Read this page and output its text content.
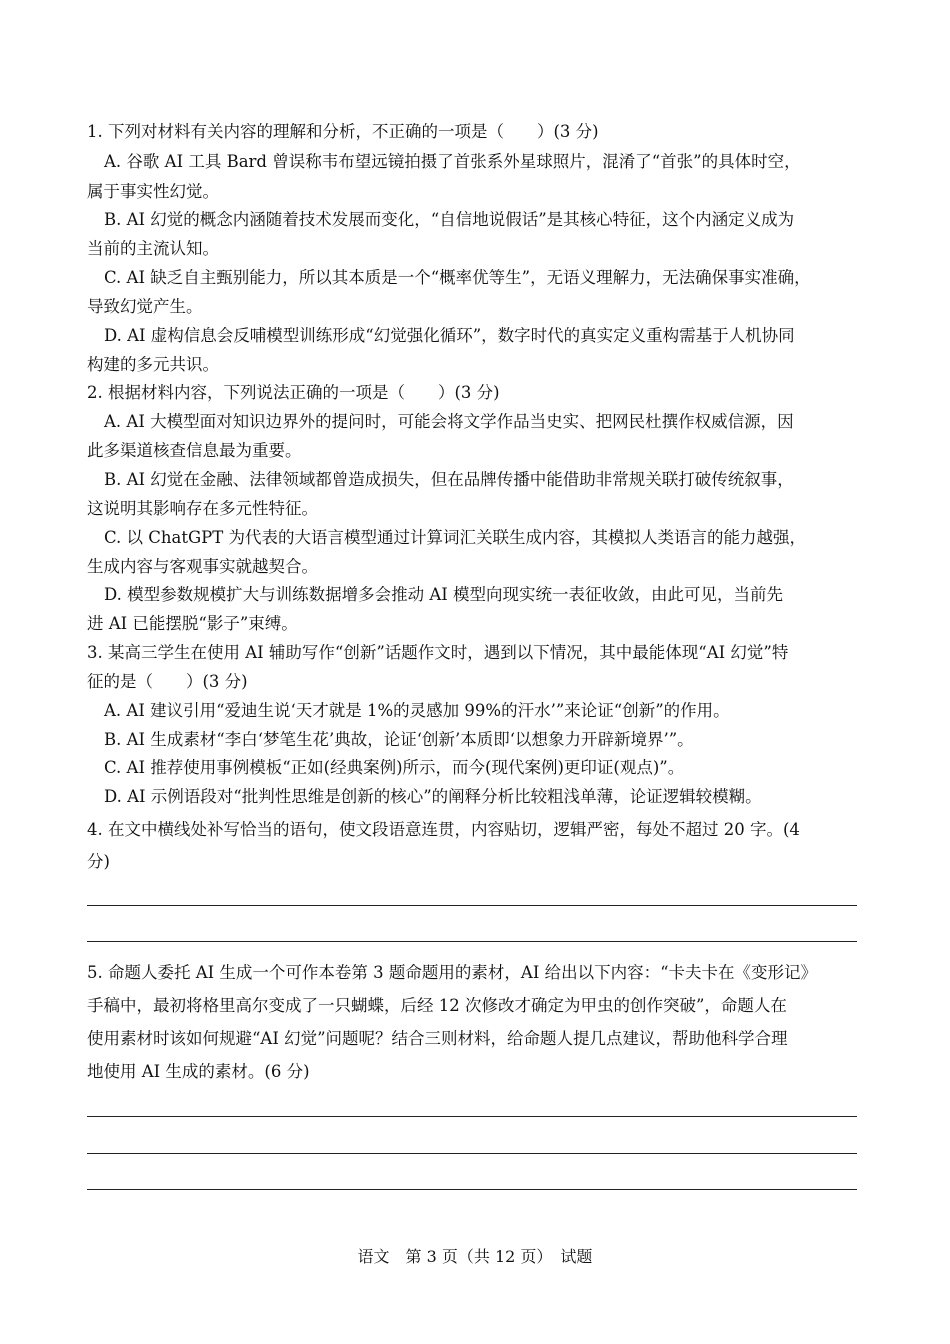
1. 下列对材料有关内容的理解和分析，不正确的一项是（　　）(3 分)
A. 谷歌 AI 工具 Bard 曾误称韦布望远镜拍摄了首张系外星球照片，混淆了“首张”的具体时空，
属于事实性幻觉。
B. AI 幻觉的概念内涵随着技术发展而变化，“自信地说假话”是其核心特征，这个内涵定义成为
当前的主流认知。
C. AI 缺乏自主甄别能力，所以其本质是一个“概率优等生”，无语义理解力，无法确保事实准确，
导致幻觉产生。
D. AI 虚构信息会反哺模型训练形成“幻觉强化循环”，数字时代的真实定义重构需基于人机协同
构建的多元共识。
2. 根据材料内容，下列说法正确的一项是（　　）(3 分)
A. AI 大模型面对知识边界外的提问时，可能会将文学作品当史实、把网民杜撰作权威信源，因
此多渠道核查信息最为重要。
B. AI 幻觉在金融、法律领域都曾造成损失，但在品牌传播中能借助非常规关联打破传统叙事，
这说明其影响存在多元性特征。
C. 以 ChatGPT 为代表的大语言模型通过计算词汇关联生成内容，其模拟人类语言的能力越强，
生成内容与客观事实就越契合。
D. 模型参数规模扩大与训练数据增多会推动 AI 模型向现实统一表征收敛，由此可见，当前先
进 AI 已能摆脱“影子”束缚。
3. 某高三学生在使用 AI 辅助写作“创新”话题作文时，遇到以下情况，其中最能体现“AI 幻觉”特
征的是（　　）(3 分)
A. AI 建议引用“爱迪生说‘天才就是 1%的灵感加 99%的汗水’”来论证“创新”的作用。
B. AI 生成素材“李白‘梦笔生花’典故，论证‘创新’本质即‘以想象力开辟新境界’”。
C. AI 推荐使用事例模板“正如(经典案例)所示，而今(现代案例)更印证(观点)”。
D. AI 示例语段对“批判性思维是创新的核心”的阐释分析比较粗浅单薄，论证逻辑较模糊。
4. 在文中横线处补写恰当的语句，使文段语意连贯，内容贴切，逻辑严密，每处不超过 20 字。(4
分)
5. 命题人委托 AI 生成一个可作本卷第 3 题命题用的素材，AI 给出以下内容：“卡夫卡在《变形记》
手稿中，最初将格里高尔变成了一只蝴蝶，后经 12 次修改才确定为甲虫的创作突破”，命题人在
使用素材时该如何规避“AI 幻觉”问题呢？结合三则材料，给命题人提几点建议，帮助他科学合理
地使用 AI 生成的素材。(6 分)
语文　第 3 页（共 12 页）　试题
